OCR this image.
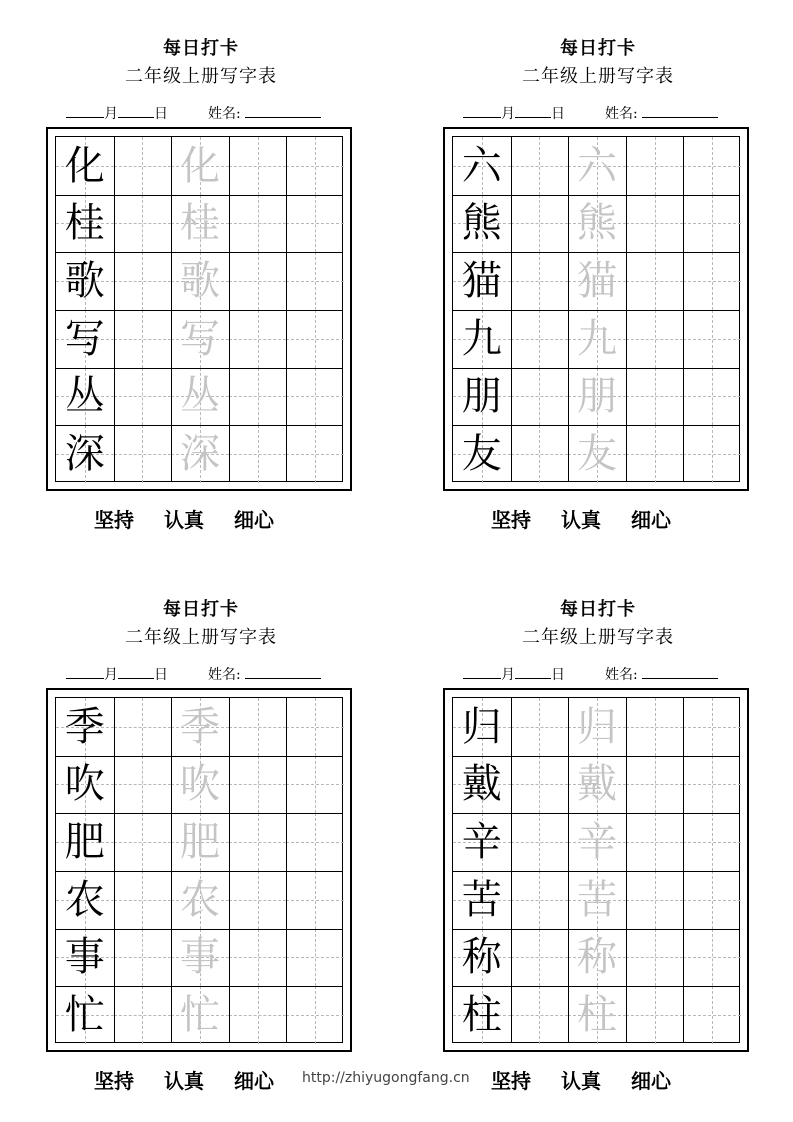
每日打卡
二年级上册写字表
月	日	姓名:
化 化
桂 桂
歌 歌
写 写
丛 丛
深 深
坚持 认真 细心
每日打卡
二年级上册写字表
月	日	姓名:
六 六
熊 熊
猫 猫
九 九
朋 朋
友 友
坚持 认真 细心
每日打卡
二年级上册写字表
月	日	姓名:
季 季
吹 吹
肥 肥
农 农
事 事
忙 忙
坚持 认真 细心
每日打卡
二年级上册写字表
月	日	姓名:
归 归
戴 戴
辛 辛
苦 苦
称 称
柱 柱
坚持 认真 细心
http://zhiyugongfang.cn
